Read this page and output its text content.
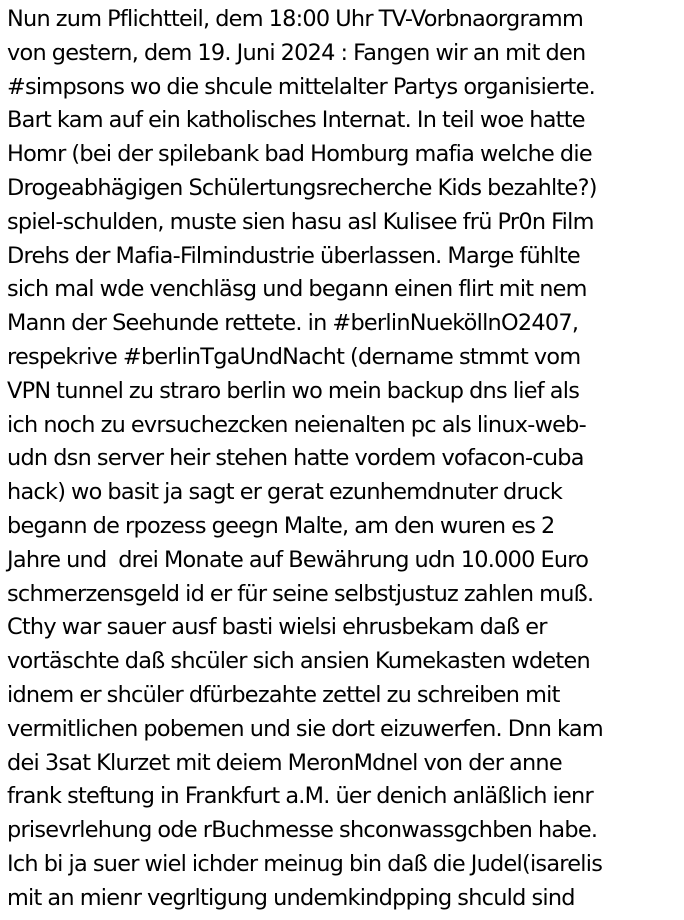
Nun zum Pflichtteil, dem 18:00 Uhr TV-Vorbnaorgramm
von gestern, dem 19. Juni 2024 : Fangen wir an mit den
#simpsons wo die shcule mittelalter Partys organisierte.
Bart kam auf ein katholisches Internat. In teil woe hatte
Homr (bei der spilebank bad Homburg mafia welche die
Drogeabhägigen Schülertungsrecherche Kids bezahlte?)
spiel-schulden, muste sien hasu asl Kulisee frü Pr0n Film
Drehs der Mafia-Filmindustrie überlassen. Marge fühlte
sich mal wde venchläsg und begann einen flirt mit nem
Mann der Seehunde rettete. in #berlinNueköllnO2407,
respekrive #berlinTgaUndNacht (dername stmmt vom
VPN tunnel zu straro berlin wo mein backup dns lief als
ich noch zu evrsuchezcken neienalten pc als linux-web-
udn dsn server heir stehen hatte vordem vofacon-cuba
hack) wo basit ja sagt er gerat ezunhemdnuter druck
begann de rpozess geegn Malte, am den wuren es 2
Jahre und  drei Monate auf Bewährung udn 10.000 Euro
schmerzensgeld id er für seine selbstjustuz zahlen muß.
Cthy war sauer ausf basti wielsi ehrusbekam daß er
vortäschte daß shcüler sich ansien Kumekasten wdeten
idnem er shcüler dfürbezahte zettel zu schreiben mit
vermitlichen pobemen und sie dort eizuwerfen. Dnn kam
dei 3sat Klurzet mit deiem MeronMdnel von der anne
frank steftung in Frankfurt a.M. üer denich anläßlich ienr
prisevrlehung ode rBuchmesse shconwassgchben habe.
Ich bi ja suer wiel ichder meinug bin daß die Judel(isarelis
mit an mienr vegrltigung undemkindpping shculd sind
